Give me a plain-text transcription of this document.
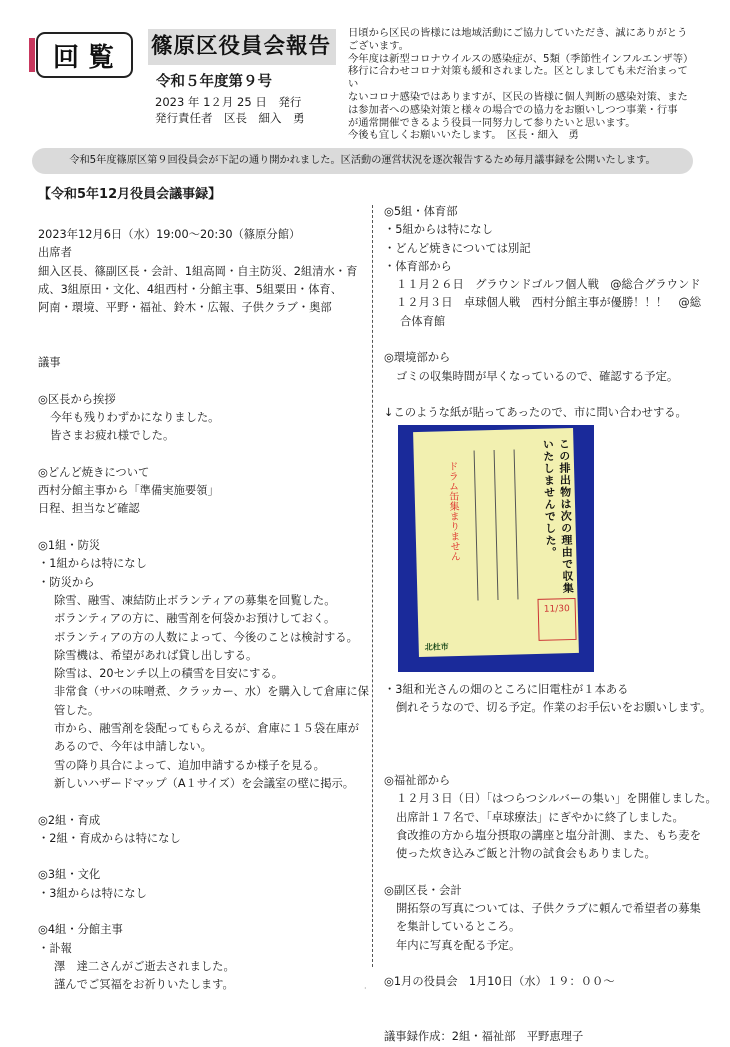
回覧 篠原区役員会報告
令和５年度第９号
2023 年 1２月 25 日　発行
発行責任者　区長　細入　勇
日頃から区民の皆様には地域活動にご協力していただき、誠にありがとう
ございます。
今年度は新型コロナウイルスの感染症が、5類（季節性インフルエンザ等）
移行に合わせコロナ対策も緩和されました。区としましても未だ治まってい
ないコロナ感染ではありますが、区民の皆様に個人判断の感染対策、また
は参加者への感染対策と様々の場合での協力をお願いしつつ事業・行事
が通常開催できるよう役員一同努力して参りたいと思います。
今後も宜しくお願いいたします。　区長・細入　勇
令和5年度篠原区第９回役員会が下記の通り開かれました。区活動の運営状況を逐次報告するため毎月議事録を公開いたします。
【令和5年12月役員会議事録】

2023年12月6日（水）19:00～20:30（篠原分館）

出席者

細入区長、篠副区長・会計、1組高岡・自主防災、2組清水・育

成、3組原田・文化、4組西村・分館主事、5組粟田・体育、

阿南・環境、平野・福祉、鈴木・広報、子供クラブ・奥部

議事

◎区長から挨拶

今年も残りわずかになりました。

皆さまお疲れ様でした。

◎どんど焼きについて

西村分館主事から「準備実施要領」

日程、担当など確認

◎1組・防災

・1組からは特になし

・防災から

除雪、融雪、凍結防止ボランティアの募集を回覧した。

ボランティアの方に、融雪剤を何袋かお預けしておく。

ボランティアの方の人数によって、今後のことは検討する。

除雪機は、希望があれば貸し出しする。

除雪は、20センチ以上の積雪を目安にする。

非常食（サバの味噌煮、クラッカー、水）を購入して倉庫に保

管した。

市から、融雪剤を袋配ってもらえるが、倉庫に１５袋在庫が

あるので、今年は申請しない。

雪の降り具合によって、追加申請するか様子を見る。

新しいハザードマップ（A１サイズ）を会議室の壁に掲示。

◎2組・育成

・2組・育成からは特になし

◎3組・文化

・3組からは特になし

◎4組・分館主事

・訃報

澤　達二さんがご逝去されました。

謹んでご冥福をお祈りいたします。

◎5組・体育部

・5組からは特になし

・どんど焼きについては別記

・体育部から

１１月２６日　グラウンドゴルフ個人戦　@総合グラウンド

１２月３日　卓球個人戦　西村分館主事が優勝！！！　@総

合体育館

◎環境部から

ゴミの収集時間が早くなっているので、確認する予定。

↓このような紙が貼ってあったので、市に問い合わせする。

・3組和光さんの畑のところに旧電柱が１本ある

倒れそうなので、切る予定。作業のお手伝いをお願いします。

◎福祉部から

１２月３日（日）「はつらつシルバーの集い」を開催しました。

出席計１７名で、「卓球療法」にぎやかに終了しました。

食改推の方から塩分摂取の講座と塩分計測、また、もち麦を

使った炊き込みご飯と汁物の試食会もありました。

◎副区長・会計

開拓祭の写真については、子供クラブに頼んで希望者の募集

を集計しているところ。

年内に写真を配る予定。

◎1月の役員会　1月10日（水）１９：００～

議事録作成：2組・福祉部　平野恵理子

この排出物は次の理由で収集いたしませんでした。
ドラム缶集まりません
11/30
北杜市
·
